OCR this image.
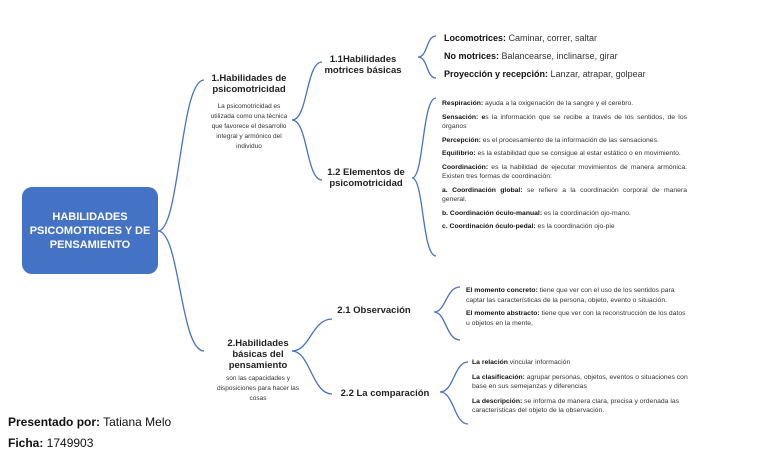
HABILIDADES PSICOMOTRICES Y DE PENSAMIENTO
1.Habilidades de psicomotricidad
La psicomotricidad es utilizada como una técnica que favorece el desarrollo integral y armónico del individuo
1.1Habilidades motrices básicas
Locomotrices: Caminar, correr, saltar
No motrices: Balancearse, inclinarse, girar
Proyección y recepción: Lanzar, atrapar, golpear
1.2 Elementos de psicomotricidad
Respiración: ayuda a la oxigenación de la sangre y el cerebro.
Sensación: es la información que se recibe a través de los sentidos, de los órganos
Percepción: es el procesamiento de la información de las sensaciones.
Equilibrio: es la estabilidad que se consigue al estar estático o en movimiento.
Coordinación: es la habilidad de ejecutar movimientos de manera armónica. Existen tres formas de coordinación:
a. Coordinación global: se refiere a la coordinación corporal de manera general.
b. Coordinación óculo-manual: es la coordinación ojo-mano.
c. Coordinación óculo-pedal: es la coordinación ojo-pie
2.Habilidades básicas del pensamiento
son las capacidades y disposiciones para hacer las cosas
2.1 Observación
El momento concreto: tiene que ver con el uso de los sentidos para captar las características de la persona, objeto, evento o situación.
El momento abstracto: tiene que ver con la reconstrucción de los datos u objetos en la mente,
2.2 La comparación
La relación vincular información
La clasificación: agrupar personas, objetos, eventos o situaciones con base en sus semejanzas y diferencias
La descripción: se informa de manera clara, precisa y ordenada las características del objeto de la observación.
Presentado por: Tatiana Melo
Ficha: 1749903
